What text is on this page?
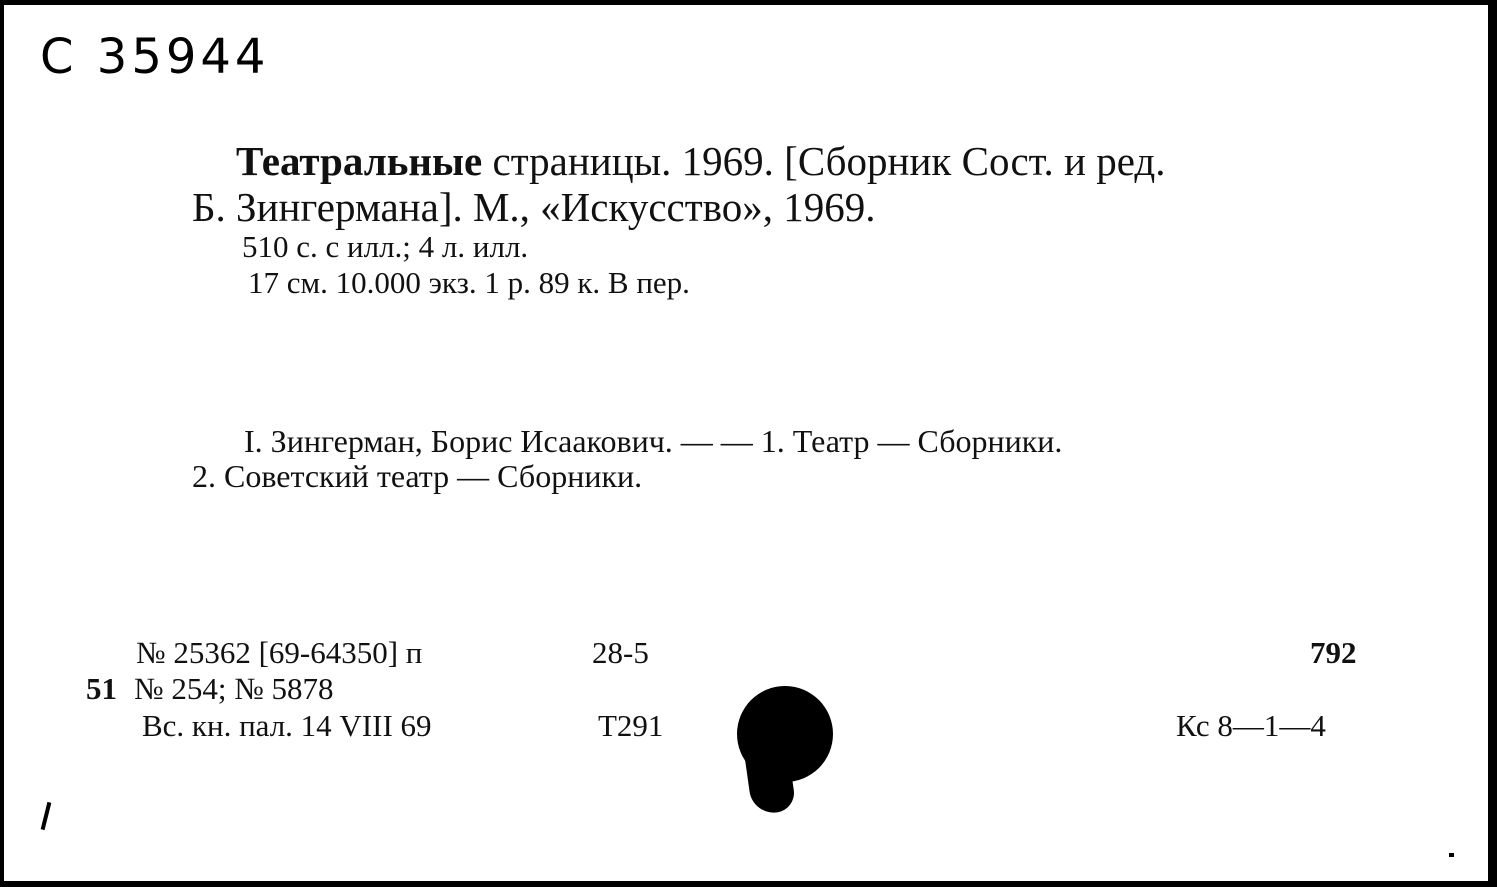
С 35944
Театральные страницы. 1969. [Сборник Сост. и ред.
Б. Зингермана]. М., «Искусство», 1969.
510 с. с илл.; 4 л. илл.
17 см. 10.000 экз. 1 р. 89 к. В пер.
I. Зингерман, Борис Исаакович. — — 1. Театр — Сборники.
2. Советский театр — Сборники.
№ 25362 [69-64350] п	28-5	792
51 № 254; № 5878
Вс. кн. пал. 14 VIII 69	Т291	Кс 8—1—4
